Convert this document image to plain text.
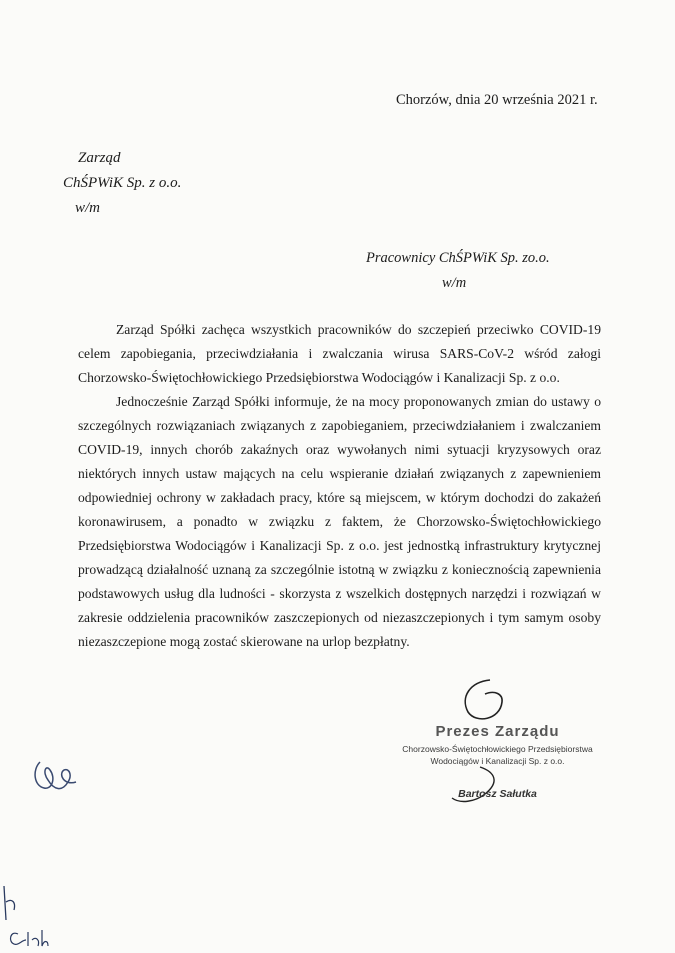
Chorzów, dnia 20 września 2021 r.
Zarząd
ChŚPWiK Sp. z o.o.
w/m
Pracownicy ChŚPWiK Sp. zo.o.
w/m

Zarząd Spółki zachęca wszystkich pracowników do szczepień przeciwko COVID-19 celem zapobiegania, przeciwdziałania i zwalczania wirusa SARS-CoV-2 wśród załogi Chorzowsko-Świętochłowickiego Przedsiębiorstwa Wodociągów i Kanalizacji Sp. z o.o.

Jednocześnie Zarząd Spółki informuje, że na mocy proponowanych zmian do ustawy o szczególnych rozwiązaniach związanych z zapobieganiem, przeciwdziałaniem i zwalczaniem COVID-19, innych chorób zakaźnych oraz wywołanych nimi sytuacji kryzysowych oraz niektórych innych ustaw mających na celu wspieranie działań związanych z zapewnieniem odpowiedniej ochrony w zakładach pracy, które są miejscem, w którym dochodzi do zakażeń koronawirusem, a ponadto w związku z faktem, że Chorzowsko-Świętochłowickiego Przedsiębiorstwa Wodociągów i Kanalizacji Sp. z o.o. jest jednostką infrastruktury krytycznej prowadzącą działalność uznaną za szczególnie istotną w związku z koniecznością zapewnienia podstawowych usług dla ludności - skorzysta z wszelkich dostępnych narzędzi i rozwiązań w zakresie oddzielenia pracowników zaszczepionych od niezaszczepionych i tym samym osoby niezaszczepione mogą zostać skierowane na urlop bezpłatny.

Prezes Zarządu
Chorzowsko-Świętochłowickiego Przedsiębiorstwa
Wodociągów i Kanalizacji Sp. z o.o.
Bartosz Sałutka
